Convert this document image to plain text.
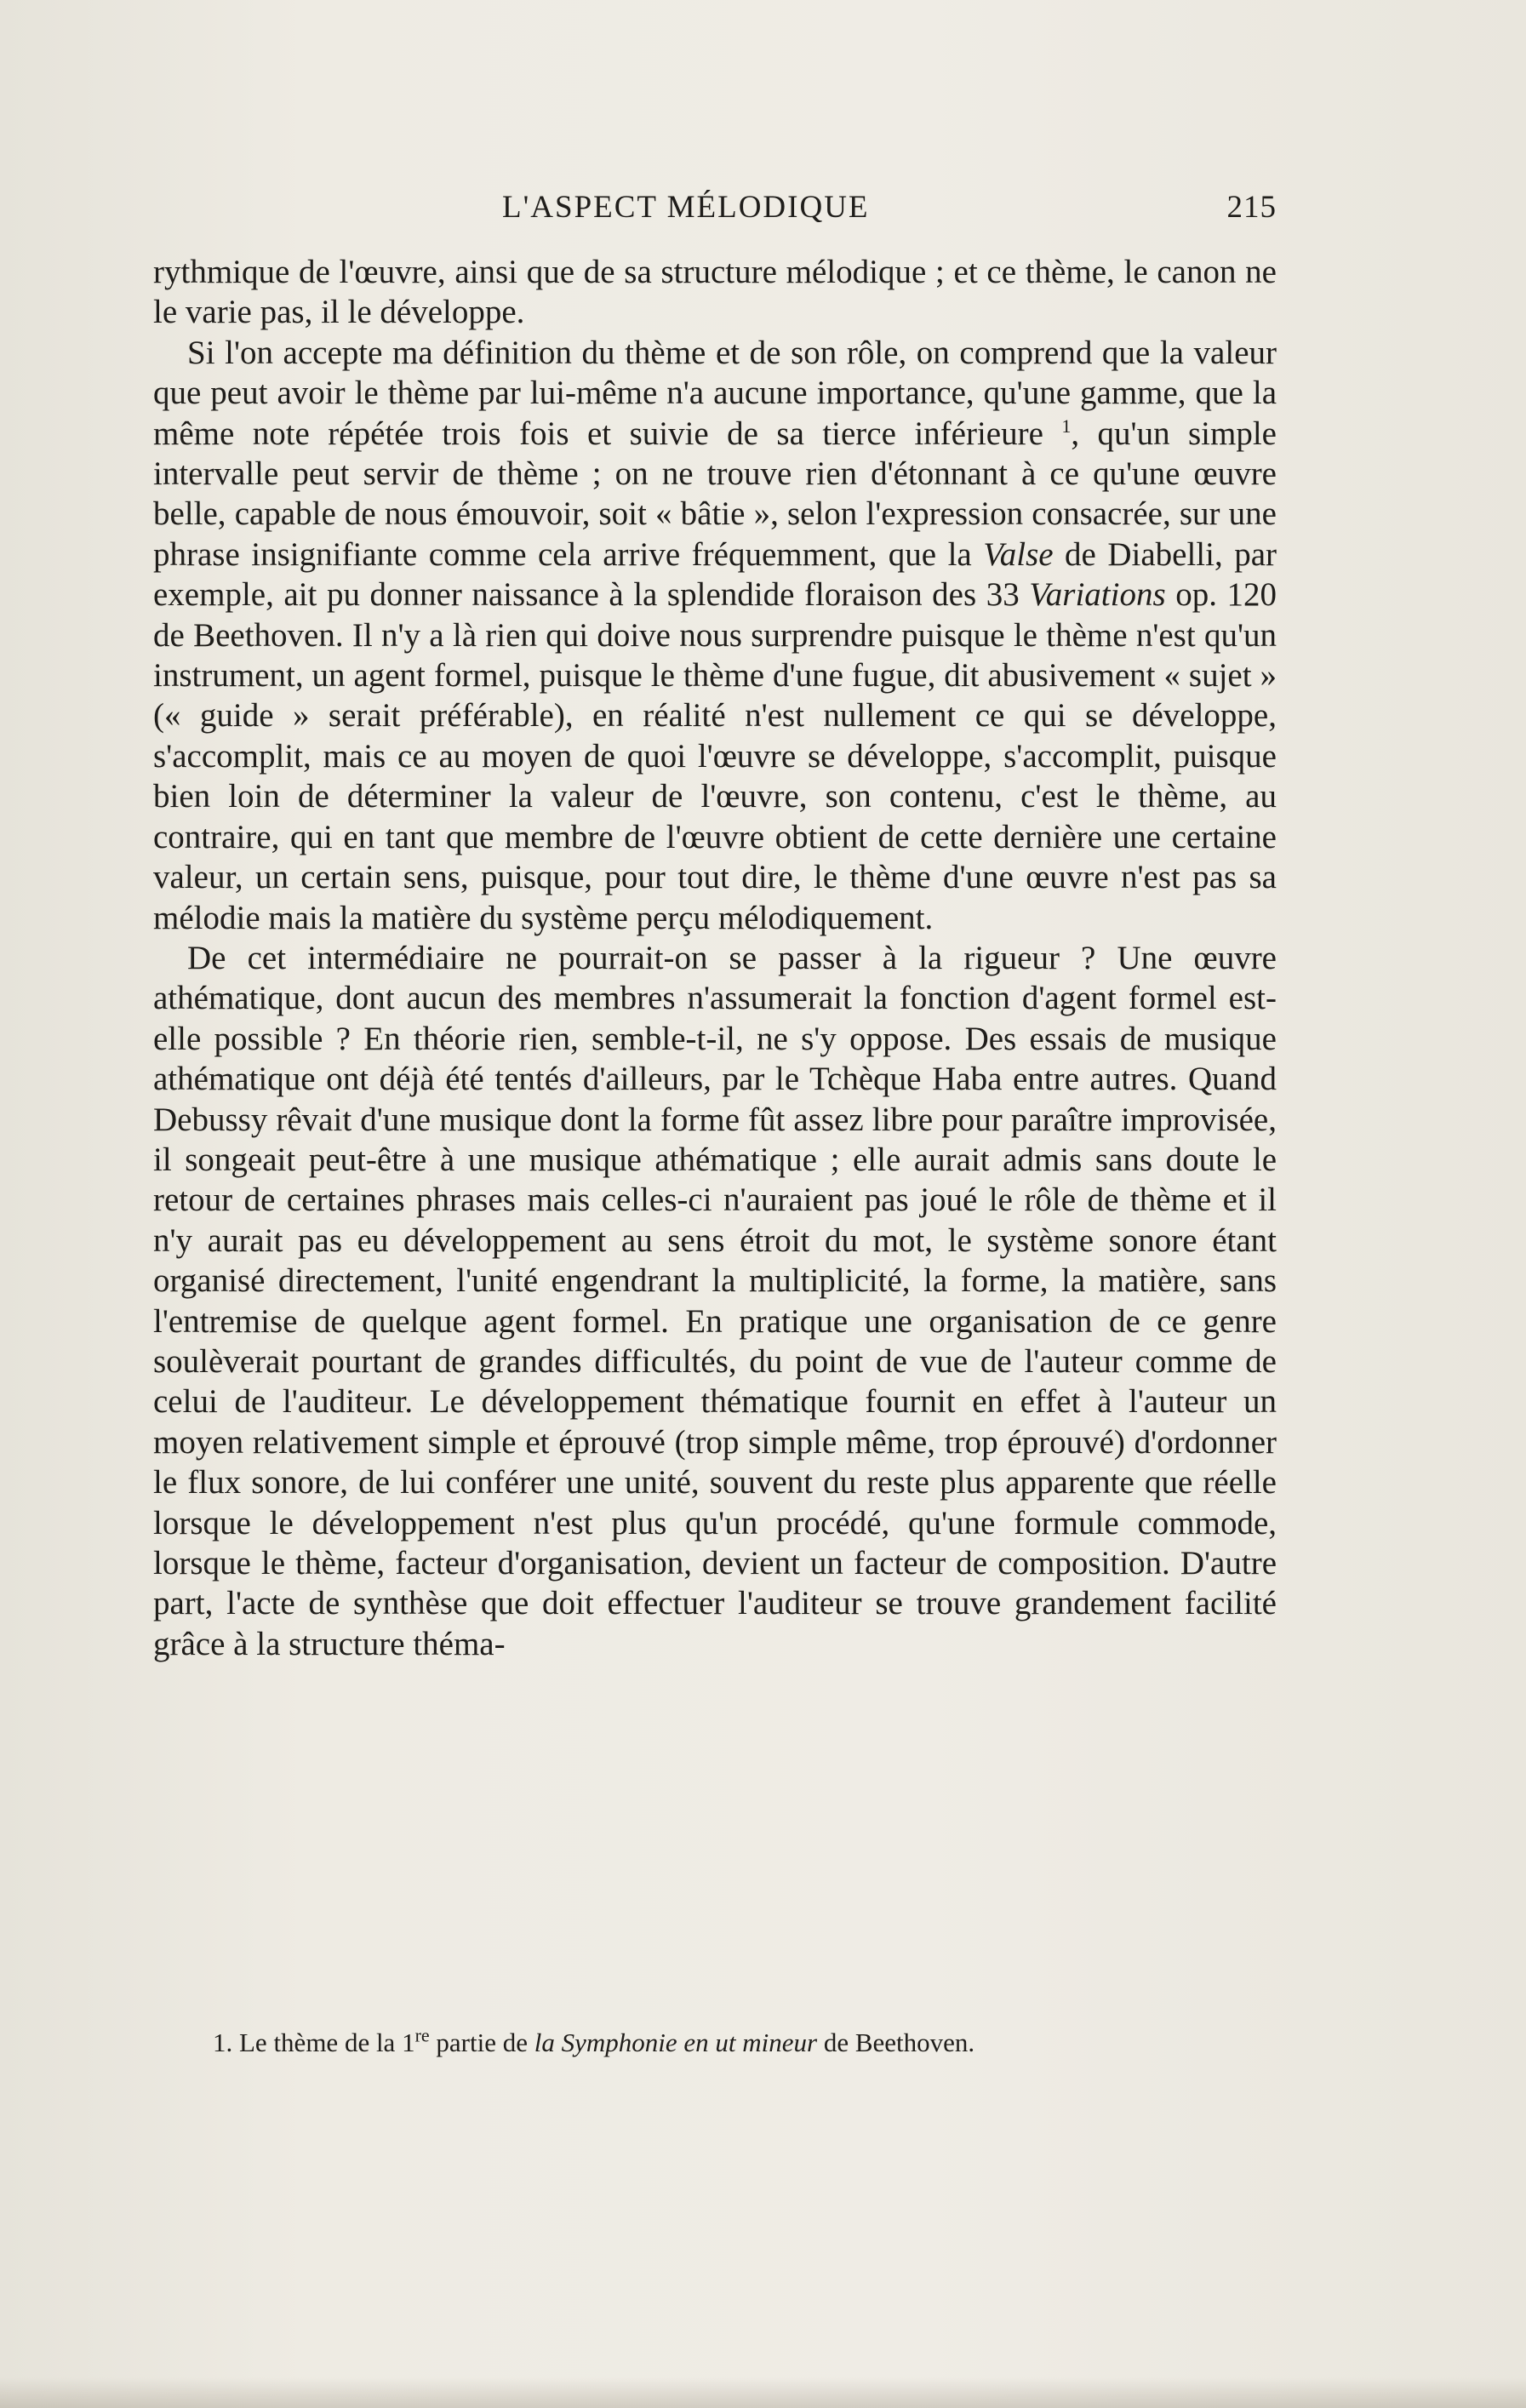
L'ASPECT MÉLODIQUE	215

rythmique de l'œuvre, ainsi que de sa structure mélodique ; et ce thème, le canon ne le varie pas, il le développe.

Si l'on accepte ma définition du thème et de son rôle, on comprend que la valeur que peut avoir le thème par lui-même n'a aucune importance, qu'une gamme, que la même note répétée trois fois et suivie de sa tierce inférieure $^1$, qu'un simple intervalle peut servir de thème ; on ne trouve rien d'étonnant à ce qu'une œuvre belle, capable de nous émouvoir, soit « bâtie », selon l'expression consacrée, sur une phrase insignifiante comme cela arrive fréquemment, que la Valse de Diabelli, par exemple, ait pu donner naissance à la splendide floraison des 33 Variations op. 120 de Beethoven. Il n'y a là rien qui doive nous surprendre puisque le thème n'est qu'un instrument, un agent formel, puisque le thème d'une fugue, dit abusivement « sujet » (« guide » serait préférable), en réalité n'est nullement ce qui se développe, s'accomplit, mais ce au moyen de quoi l'œuvre se développe, s'accomplit, puisque bien loin de déterminer la valeur de l'œuvre, son contenu, c'est le thème, au contraire, qui en tant que membre de l'œuvre obtient de cette dernière une certaine valeur, un certain sens, puisque, pour tout dire, le thème d'une œuvre n'est pas sa mélodie mais la matière du système perçu mélodiquement.

De cet intermédiaire ne pourrait-on se passer à la rigueur ? Une œuvre athématique, dont aucun des membres n'assumerait la fonction d'agent formel est-elle possible ? En théorie rien, semble-t-il, ne s'y oppose. Des essais de musique athématique ont déjà été tentés d'ailleurs, par le Tchèque Haba entre autres. Quand Debussy rêvait d'une musique dont la forme fût assez libre pour paraître improvisée, il songeait peut-être à une musique athématique ; elle aurait admis sans doute le retour de certaines phrases mais celles-ci n'auraient pas joué le rôle de thème et il n'y aurait pas eu développement au sens étroit du mot, le système sonore étant organisé directement, l'unité engendrant la multiplicité, la forme, la matière, sans l'entremise de quelque agent formel. En pratique une organisation de ce genre soulèverait pourtant de grandes difficultés, du point de vue de l'auteur comme de celui de l'auditeur. Le développement thématique fournit en effet à l'auteur un moyen relativement simple et éprouvé (trop simple même, trop éprouvé) d'ordonner le flux sonore, de lui conférer une unité, souvent du reste plus apparente que réelle lorsque le développement n'est plus qu'un procédé, qu'une formule commode, lorsque le thème, facteur d'organisation, devient un facteur de composition. D'autre part, l'acte de synthèse que doit effectuer l'auditeur se trouve grandement facilité grâce à la structure théma-

1. Le thème de la 1re partie de la Symphonie en ut mineur de Beethoven.
